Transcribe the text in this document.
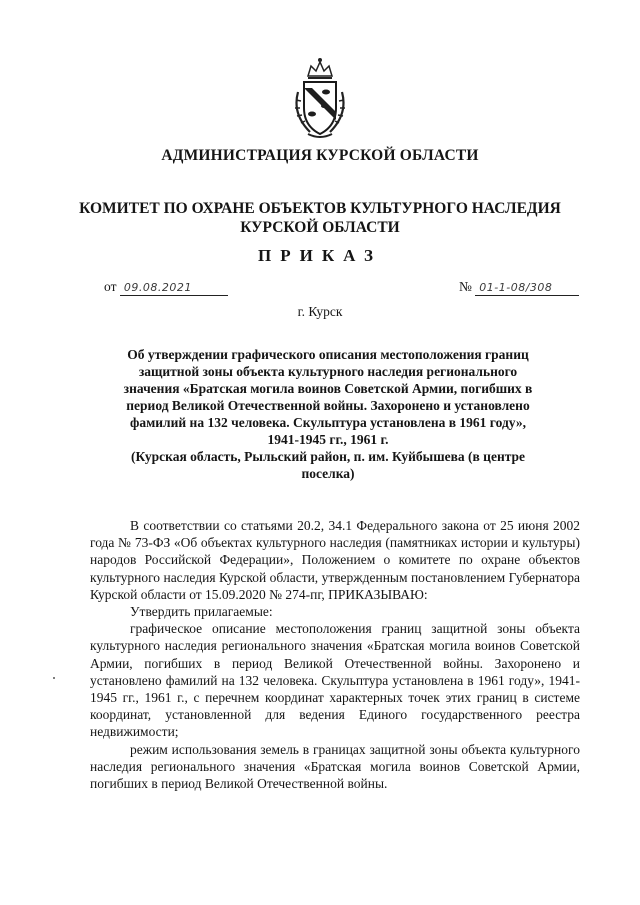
АДМИНИСТРАЦИЯ КУРСКОЙ ОБЛАСТИ
КОМИТЕТ ПО ОХРАНЕ ОБЪЕКТОВ КУЛЬТУРНОГО НАСЛЕДИЯ
КУРСКОЙ ОБЛАСТИ
ПРИКАЗ
от 09.08.2021	№ 01-1-08/308
г. Курск
Об утверждении графического описания местоположения границ
защитной зоны объекта культурного наследия регионального
значения «Братская могила воинов Советской Армии, погибших в
период Великой Отечественной войны. Захоронено и установлено
фамилий на 132 человека. Скульптура установлена в 1961 году»,
1941-1945 гг., 1961 г.
(Курская область, Рыльский район, п. им. Куйбышева (в центре
поселка)

В соответствии со статьями 20.2, 34.1 Федерального закона от 25 июня 2002 года № 73-ФЗ «Об объектах культурного наследия (памятниках истории и культуры) народов Российской Федерации», Положением о комитете по охране объектов культурного наследия Курской области, утвержденным постановлением Губернатора Курской области от 15.09.2020 № 274-пг, ПРИКАЗЫВАЮ:

Утвердить прилагаемые:

графическое описание местоположения границ защитной зоны объекта культурного наследия регионального значения «Братская могила воинов Советской Армии, погибших в период Великой Отечественной войны. Захоронено и установлено фамилий на 132 человека. Скульптура установлена в 1961 году», 1941-1945 гг., 1961 г., с перечнем координат характерных точек этих границ в системе координат, установленной для ведения Единого государственного реестра недвижимости;

режим использования земель в границах защитной зоны объекта культурного наследия регионального значения «Братская могила воинов Советской Армии, погибших в период Великой Отечественной войны.
